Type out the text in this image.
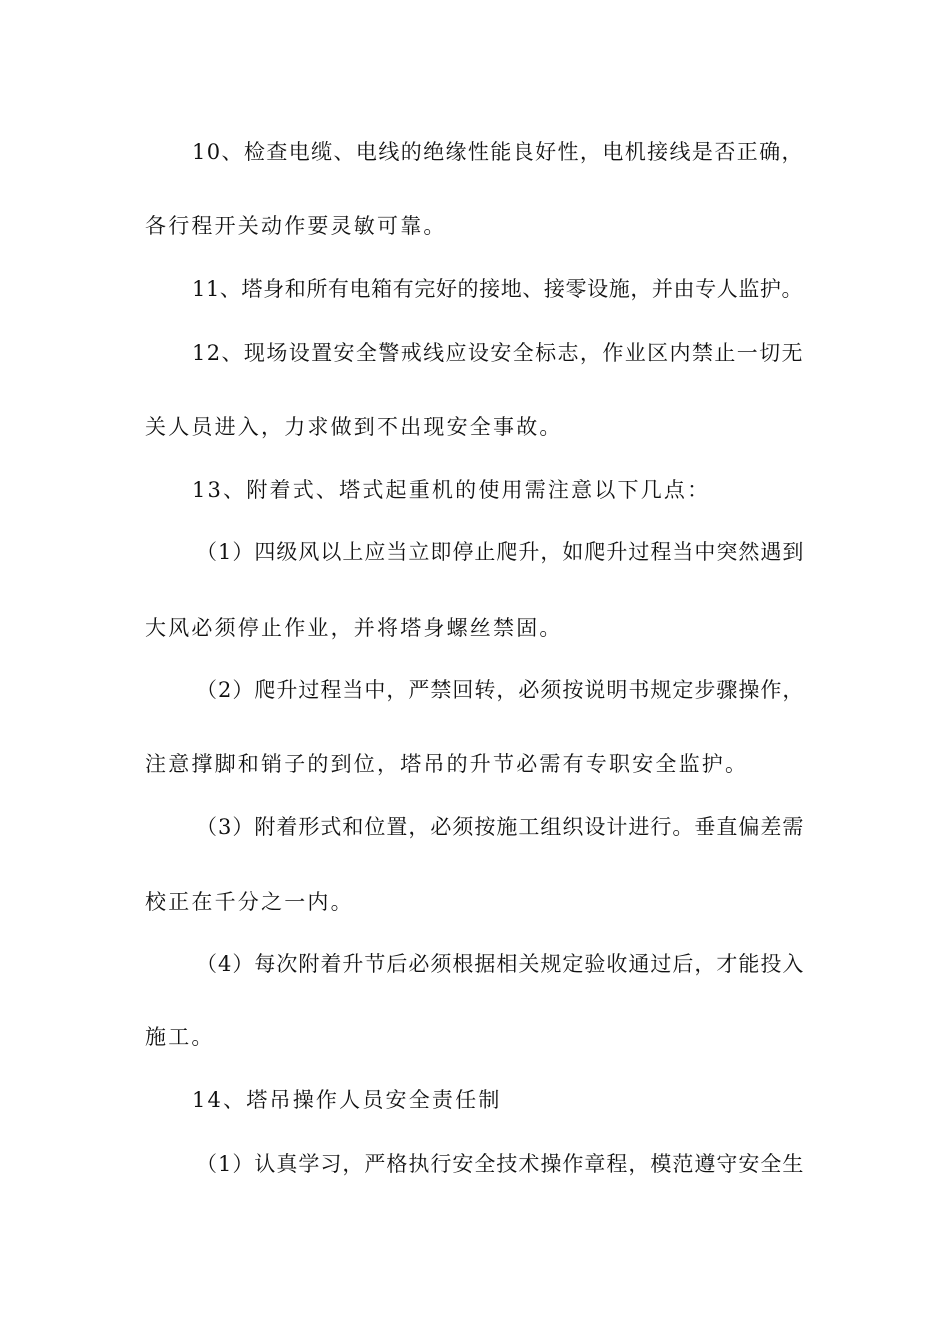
10、检查电缆、电线的绝缘性能良好性，电机接线是否正确，
各行程开关动作要灵敏可靠。
11、塔身和所有电箱有完好的接地、接零设施，并由专人监护。
12、现场设置安全警戒线应设安全标志，作业区内禁止一切无
关人员进入，力求做到不出现安全事故。
13、附着式、塔式起重机的使用需注意以下几点：
（1）四级风以上应当立即停止爬升，如爬升过程当中突然遇到
大风必须停止作业，并将塔身螺丝禁固。
（2）爬升过程当中，严禁回转，必须按说明书规定步骤操作，
注意撑脚和销子的到位，塔吊的升节必需有专职安全监护。
（3）附着形式和位置，必须按施工组织设计进行。垂直偏差需
校正在千分之一内。
（4）每次附着升节后必须根据相关规定验收通过后，才能投入
施工。
14、塔吊操作人员安全责任制
（1）认真学习，严格执行安全技术操作章程，模范遵守安全生
